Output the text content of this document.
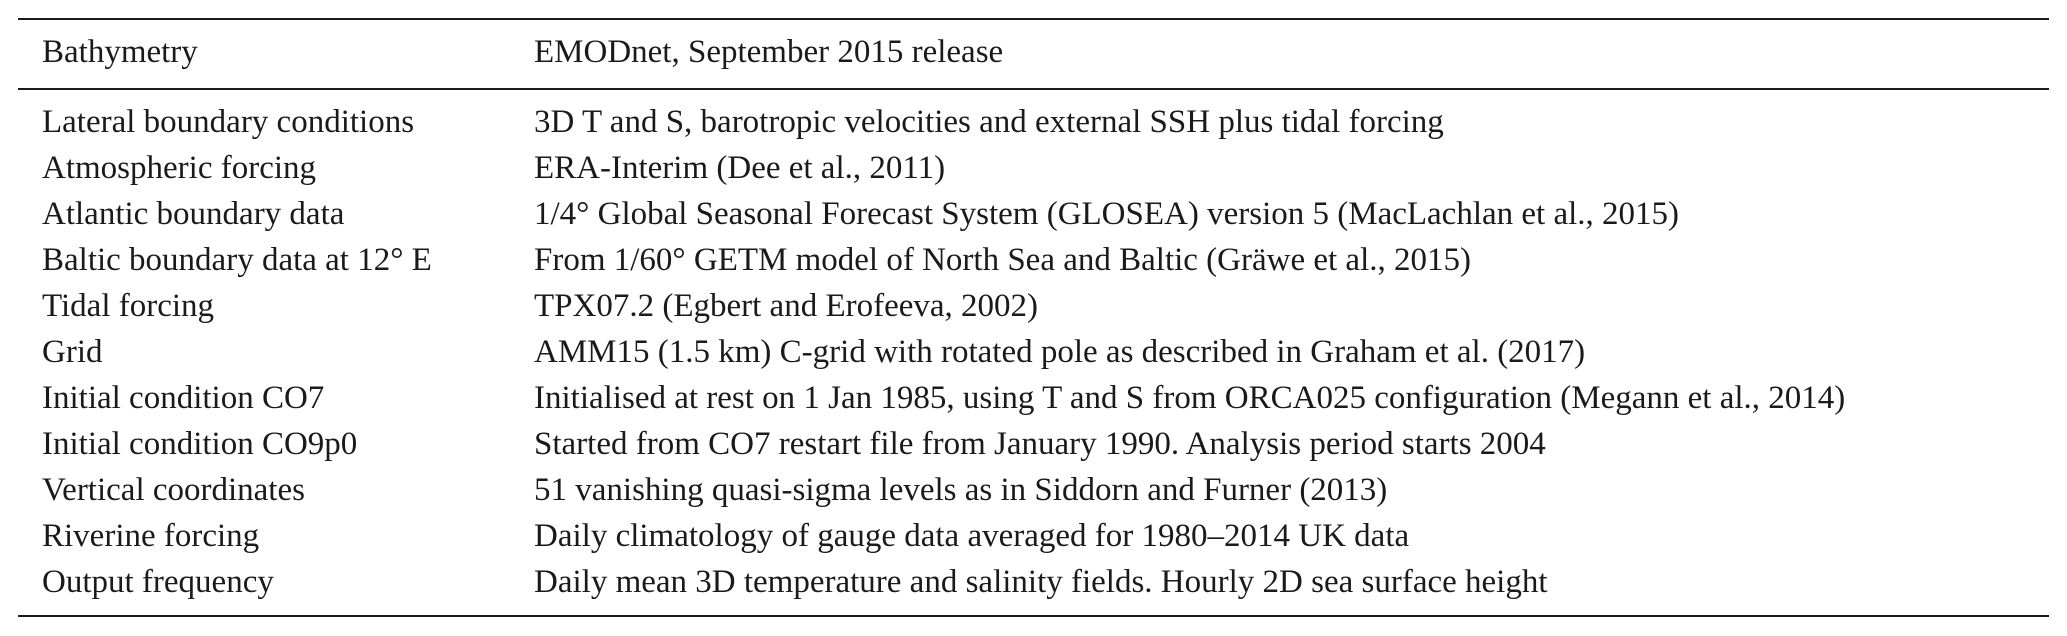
Bathymetry	EMODnet, September 2015 release
Lateral boundary conditions	3D T and S, barotropic velocities and external SSH plus tidal forcing
Atmospheric forcing	ERA-Interim (Dee et al., 2011)
Atlantic boundary data	1/4° Global Seasonal Forecast System (GLOSEA) version 5 (MacLachlan et al., 2015)
Baltic boundary data at 12° E	From 1/60° GETM model of North Sea and Baltic (Gräwe et al., 2015)
Tidal forcing	TPX07.2 (Egbert and Erofeeva, 2002)
Grid	AMM15 (1.5 km) C-grid with rotated pole as described in Graham et al. (2017)
Initial condition CO7	Initialised at rest on 1 Jan 1985, using T and S from ORCA025 configuration (Megann et al., 2014)
Initial condition CO9p0	Started from CO7 restart file from January 1990. Analysis period starts 2004
Vertical coordinates	51 vanishing quasi-sigma levels as in Siddorn and Furner (2013)
Riverine forcing	Daily climatology of gauge data averaged for 1980–2014 UK data
Output frequency	Daily mean 3D temperature and salinity fields. Hourly 2D sea surface height
